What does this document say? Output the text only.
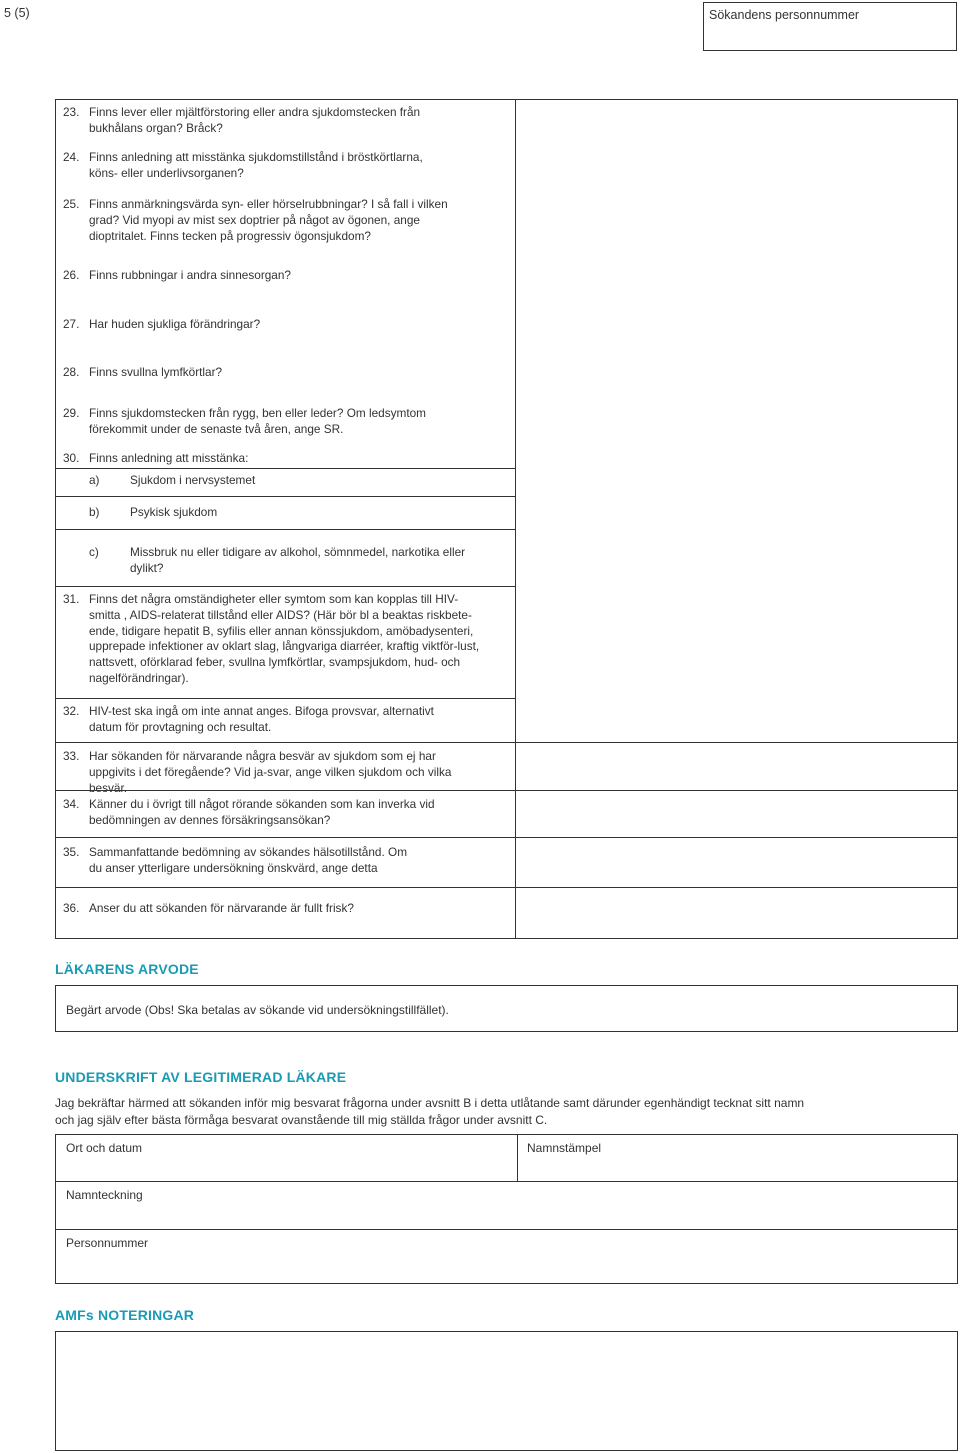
5 (5)	Sökandens personnummer
23. Finns lever eller mjältförstoring eller andra sjukdomstecken från bukhålans organ? Bråck?
24. Finns anledning att misstänka sjukdomstillstånd i bröstkörtlarna, köns- eller underlivsorganen?
25. Finns anmärkningsvärda syn- eller hörselrubbningar? I så fall i vilken grad? Vid myopi av mist sex doptrier på något av ögonen, ange dioptritalet. Finns tecken på progressiv ögonsjukdom?
26. Finns rubbningar i andra sinnesorgan?
27. Har huden sjukliga förändringar?
28. Finns svullna lymfkörtlar?
29. Finns sjukdomstecken från rygg, ben eller leder? Om ledsymtom förekommit under de senaste två åren, ange SR.
30. Finns anledning att misstänka:
a)	Sjukdom i nervsystemet
b)	Psykisk sjukdom
c)	Missbruk nu eller tidigare av alkohol, sömnmedel, narkotika eller dylikt?
31. Finns det några omständigheter eller symtom som kan kopplas till HIV-smitta , AIDS-relaterat tillstånd eller AIDS? (Här bör bl a beaktas riskbete-ende, tidigare hepatit B, syfilis eller annan könssjukdom, amöbadysenteri, upprepade infektioner av oklart slag, långvariga diarréer, kraftig viktför-lust, nattsvett, oförklarad feber, svullna lymfkörtlar, svampsjukdom, hud- och nagelförändringar).
32. HIV-test ska ingå om inte annat anges. Bifoga provsvar, alternativt datum för provtagning och resultat.
33. Har sökanden för närvarande några besvär av sjukdom som ej har uppgivits i det föregående? Vid ja-svar, ange vilken sjukdom och vilka besvär.
34. Känner du i övrigt till något rörande sökanden som kan inverka vid bedömningen av dennes försäkringsansökan?
35. Sammanfattande bedömning av sökandes hälsotillstånd. Om du anser ytterligare undersökning önskvärd, ange detta
36. Anser du att sökanden för närvarande är fullt frisk?
LÄKARENS ARVODE
Begärt arvode (Obs! Ska betalas av sökande vid undersökningstillfället).
UNDERSKRIFT AV LEGITIMERAD LÄKARE
Jag bekräftar härmed att sökanden inför mig besvarat frågorna under avsnitt B i detta utlåtande samt därunder egenhändigt tecknat sitt namn och jag själv efter bästa förmåga besvarat ovanstående till mig ställda frågor under avsnitt C.
Ort och datum	Namnstämpel
Namnteckning
Personnummer
AMFs NOTERINGAR
